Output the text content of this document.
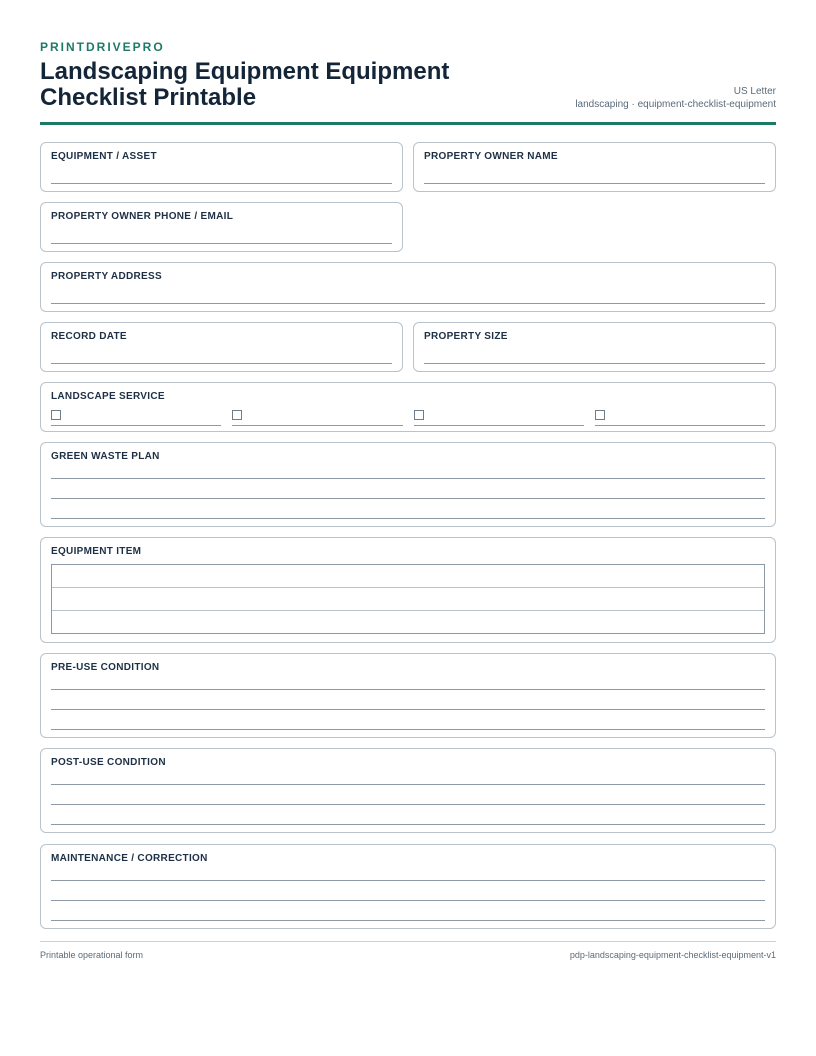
PRINTDRIVEPRO
Landscaping Equipment Equipment Checklist Printable	US Letter
landscaping · equipment-checklist-equipment
EQUIPMENT / ASSET	PROPERTY OWNER NAME
PROPERTY OWNER PHONE / EMAIL
PROPERTY ADDRESS
RECORD DATE	PROPERTY SIZE
LANDSCAPE SERVICE
GREEN WASTE PLAN
EQUIPMENT ITEM
PRE-USE CONDITION
POST-USE CONDITION
MAINTENANCE / CORRECTION
Printable operational form	pdp-landscaping-equipment-checklist-equipment-v1
